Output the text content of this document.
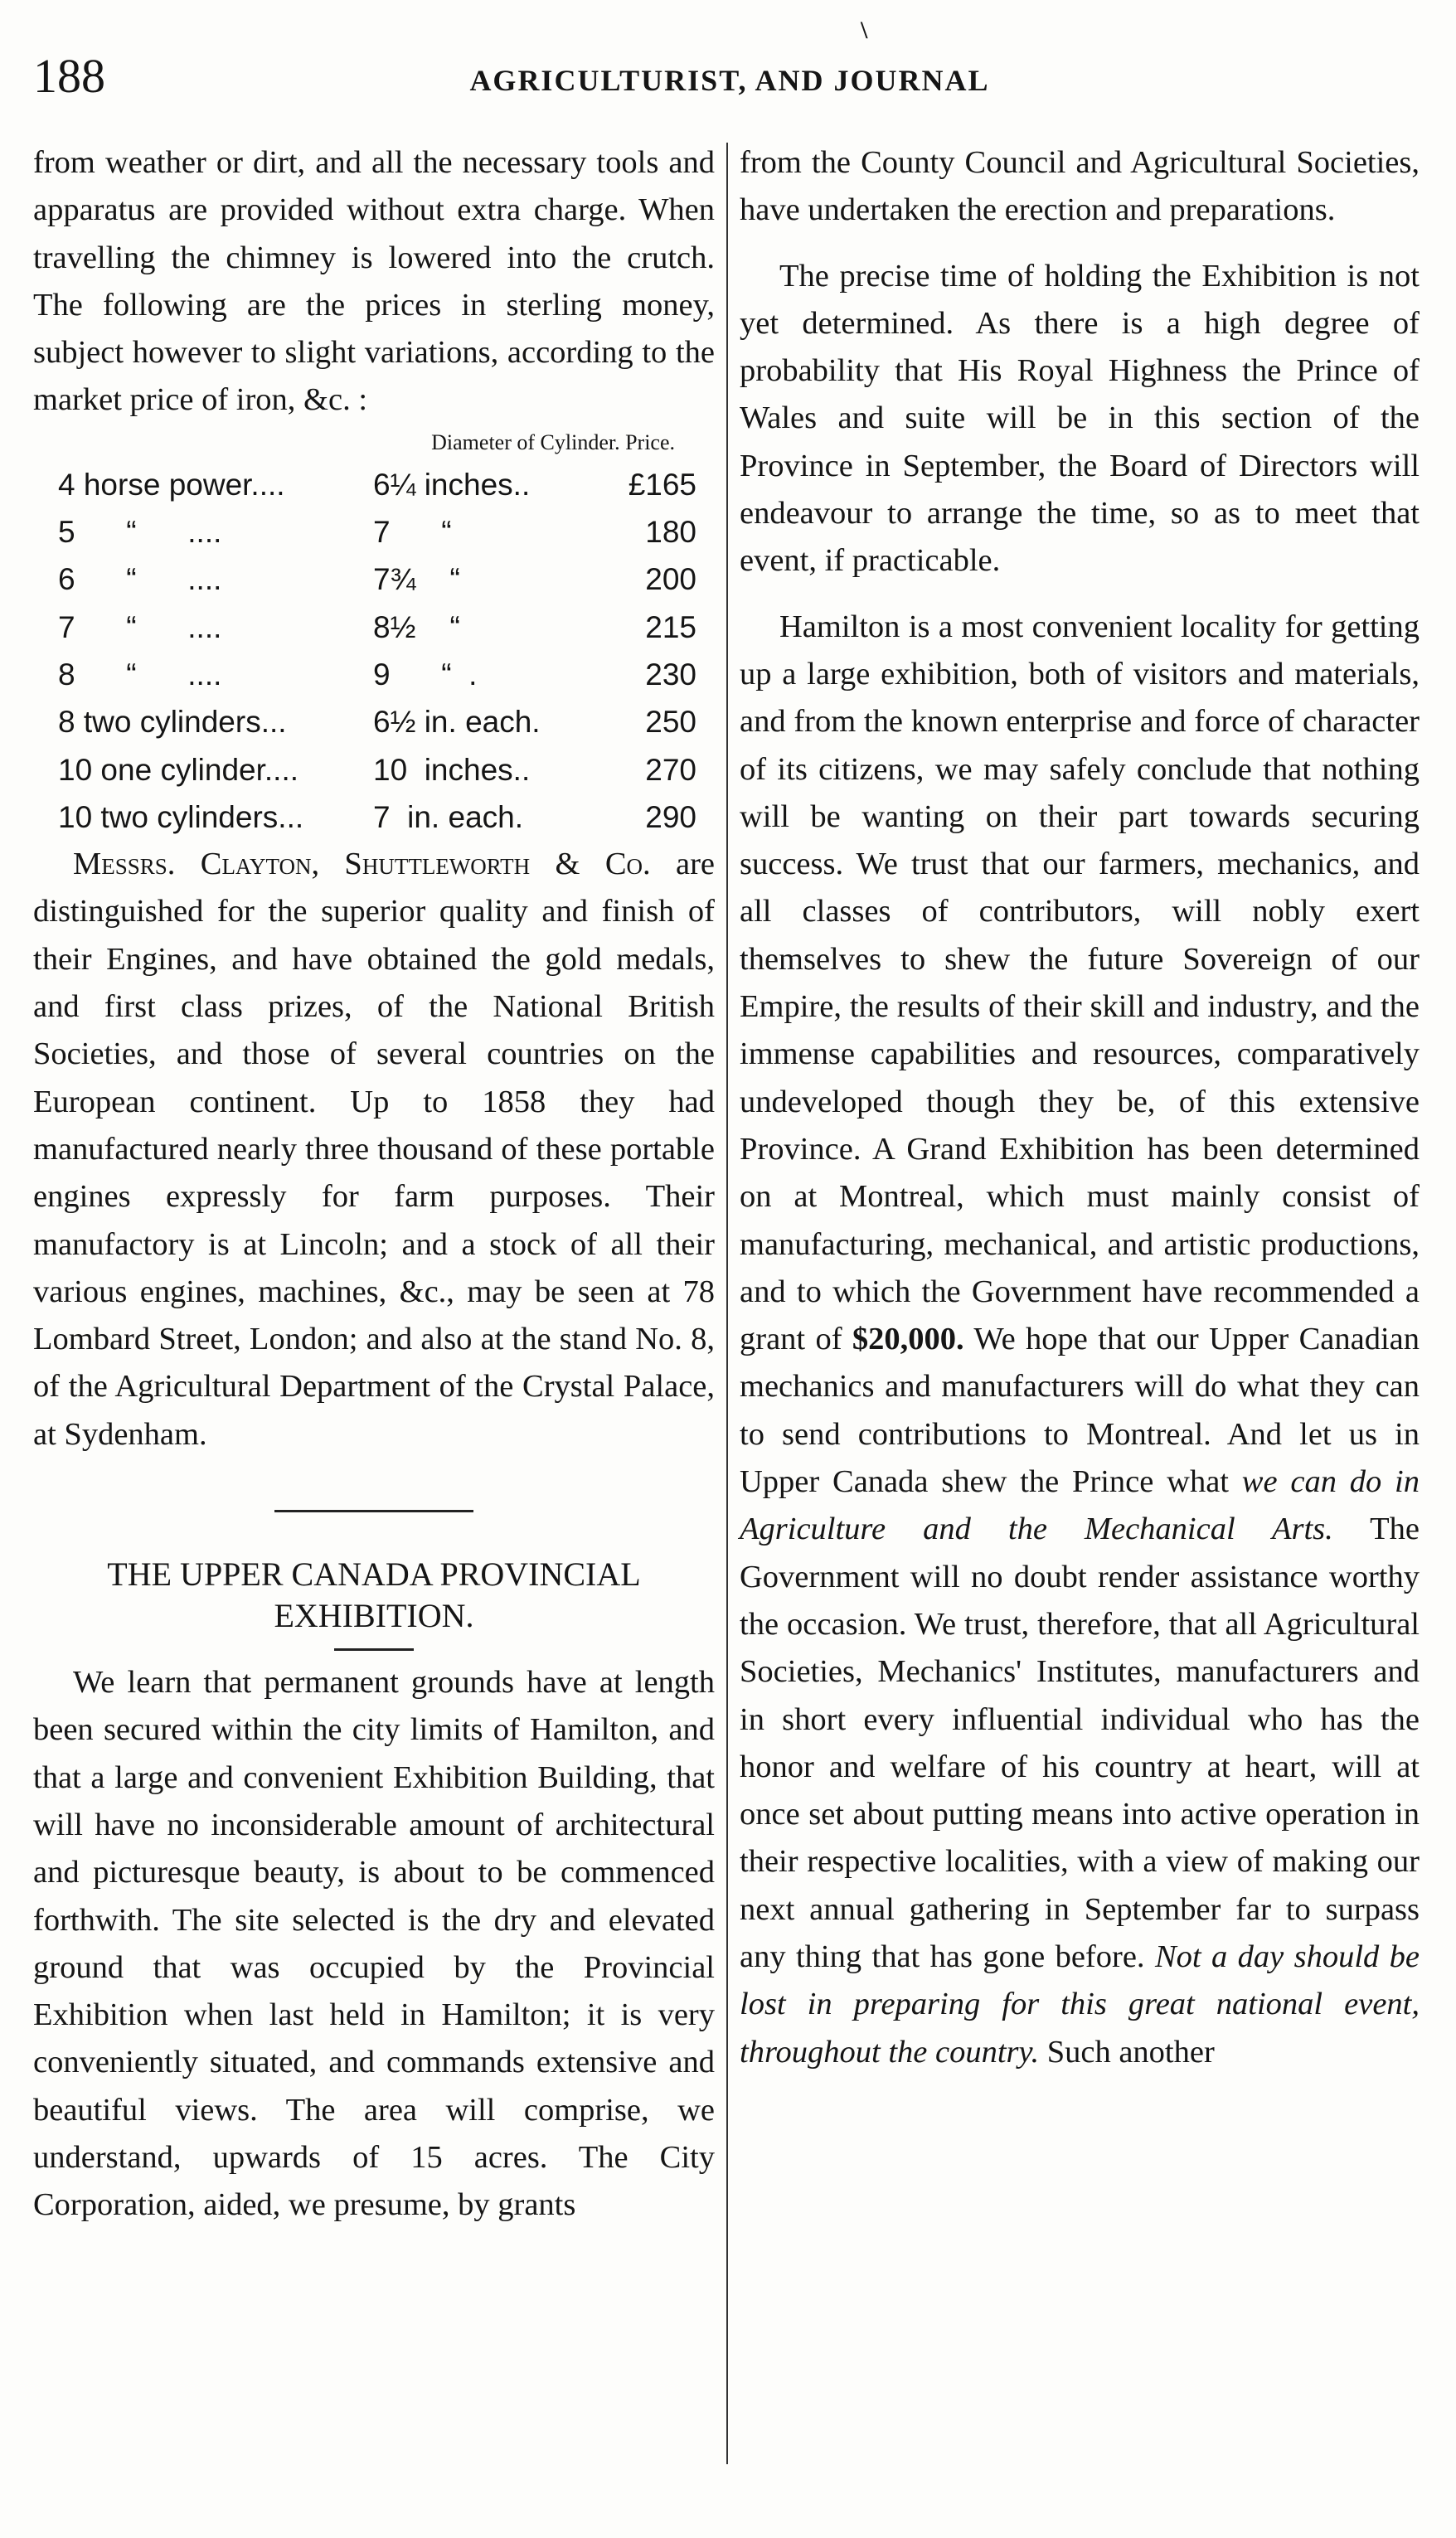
\
188	AGRICULTURIST, AND JOURNAL

from weather or dirt, and all the necessary tools and apparatus are provided without extra charge. When travelling the chimney is lowered into the crutch. The following are the prices in sterling money, subject however to slight variations, according to the market price of iron, &c. :

Diameter of Cylinder. Price.
4 horse power....	6¼ inches..	£165
5      “      ....	7      “	180
6      “      ....	7¾    “	200
7      “      ....	8½    “	215
8      “      ....	9      “  .	230
8 two cylinders...	6½ in. each.	250
10 one cylinder....	10  inches..	270
10 two cylinders...	7  in. each.	290

Messrs. Clayton, Shuttleworth & Co. are distinguished for the superior quality and finish of their Engines, and have obtained the gold medals, and first class prizes, of the National British Societies, and those of several countries on the European continent. Up to 1858 they had manufactured nearly three thousand of these portable engines expressly for farm purposes. Their manufactory is at Lincoln; and a stock of all their various engines, machines, &c., may be seen at 78 Lombard Street, London; and also at the stand No. 8, of the Agricultural Department of the Crystal Palace, at Sydenham.

THE UPPER CANADA PROVINCIAL
EXHIBITION.

We learn that permanent grounds have at length been secured within the city limits of Hamilton, and that a large and convenient Exhibition Building, that will have no inconsiderable amount of architectural and picturesque beauty, is about to be commenced forthwith. The site selected is the dry and elevated ground that was occupied by the Provincial Exhibition when last held in Hamilton; it is very conveniently situated, and commands extensive and beautiful views. The area will comprise, we understand, upwards of 15 acres. The City Corporation, aided, we presume, by grants

from the County Council and Agricultural Societies, have undertaken the erection and preparations.

The precise time of holding the Exhibition is not yet determined. As there is a high degree of probability that His Royal Highness the Prince of Wales and suite will be in this section of the Province in September, the Board of Directors will endeavour to arrange the time, so as to meet that event, if practicable.

Hamilton is a most convenient locality for getting up a large exhibition, both of visitors and materials, and from the known enterprise and force of character of its citizens, we may safely conclude that nothing will be wanting on their part towards securing success. We trust that our farmers, mechanics, and all classes of contributors, will nobly exert themselves to shew the future Sovereign of our Empire, the results of their skill and industry, and the immense capabilities and resources, comparatively undeveloped though they be, of this extensive Province. A Grand Exhibition has been determined on at Montreal, which must mainly consist of manufacturing, mechanical, and artistic productions, and to which the Government have recommended a grant of $20,000. We hope that our Upper Canadian mechanics and manufacturers will do what they can to send contributions to Montreal. And let us in Upper Canada shew the Prince what we can do in Agriculture and the Mechanical Arts. The Government will no doubt render assistance worthy the occasion. We trust, therefore, that all Agricultural Societies, Mechanics' Institutes, manufacturers and in short every influential individual who has the honor and welfare of his country at heart, will at once set about putting means into active operation in their respective localities, with a view of making our next annual gathering in September far to surpass any thing that has gone before. Not a day should be lost in preparing for this great national event, throughout the country. Such another
